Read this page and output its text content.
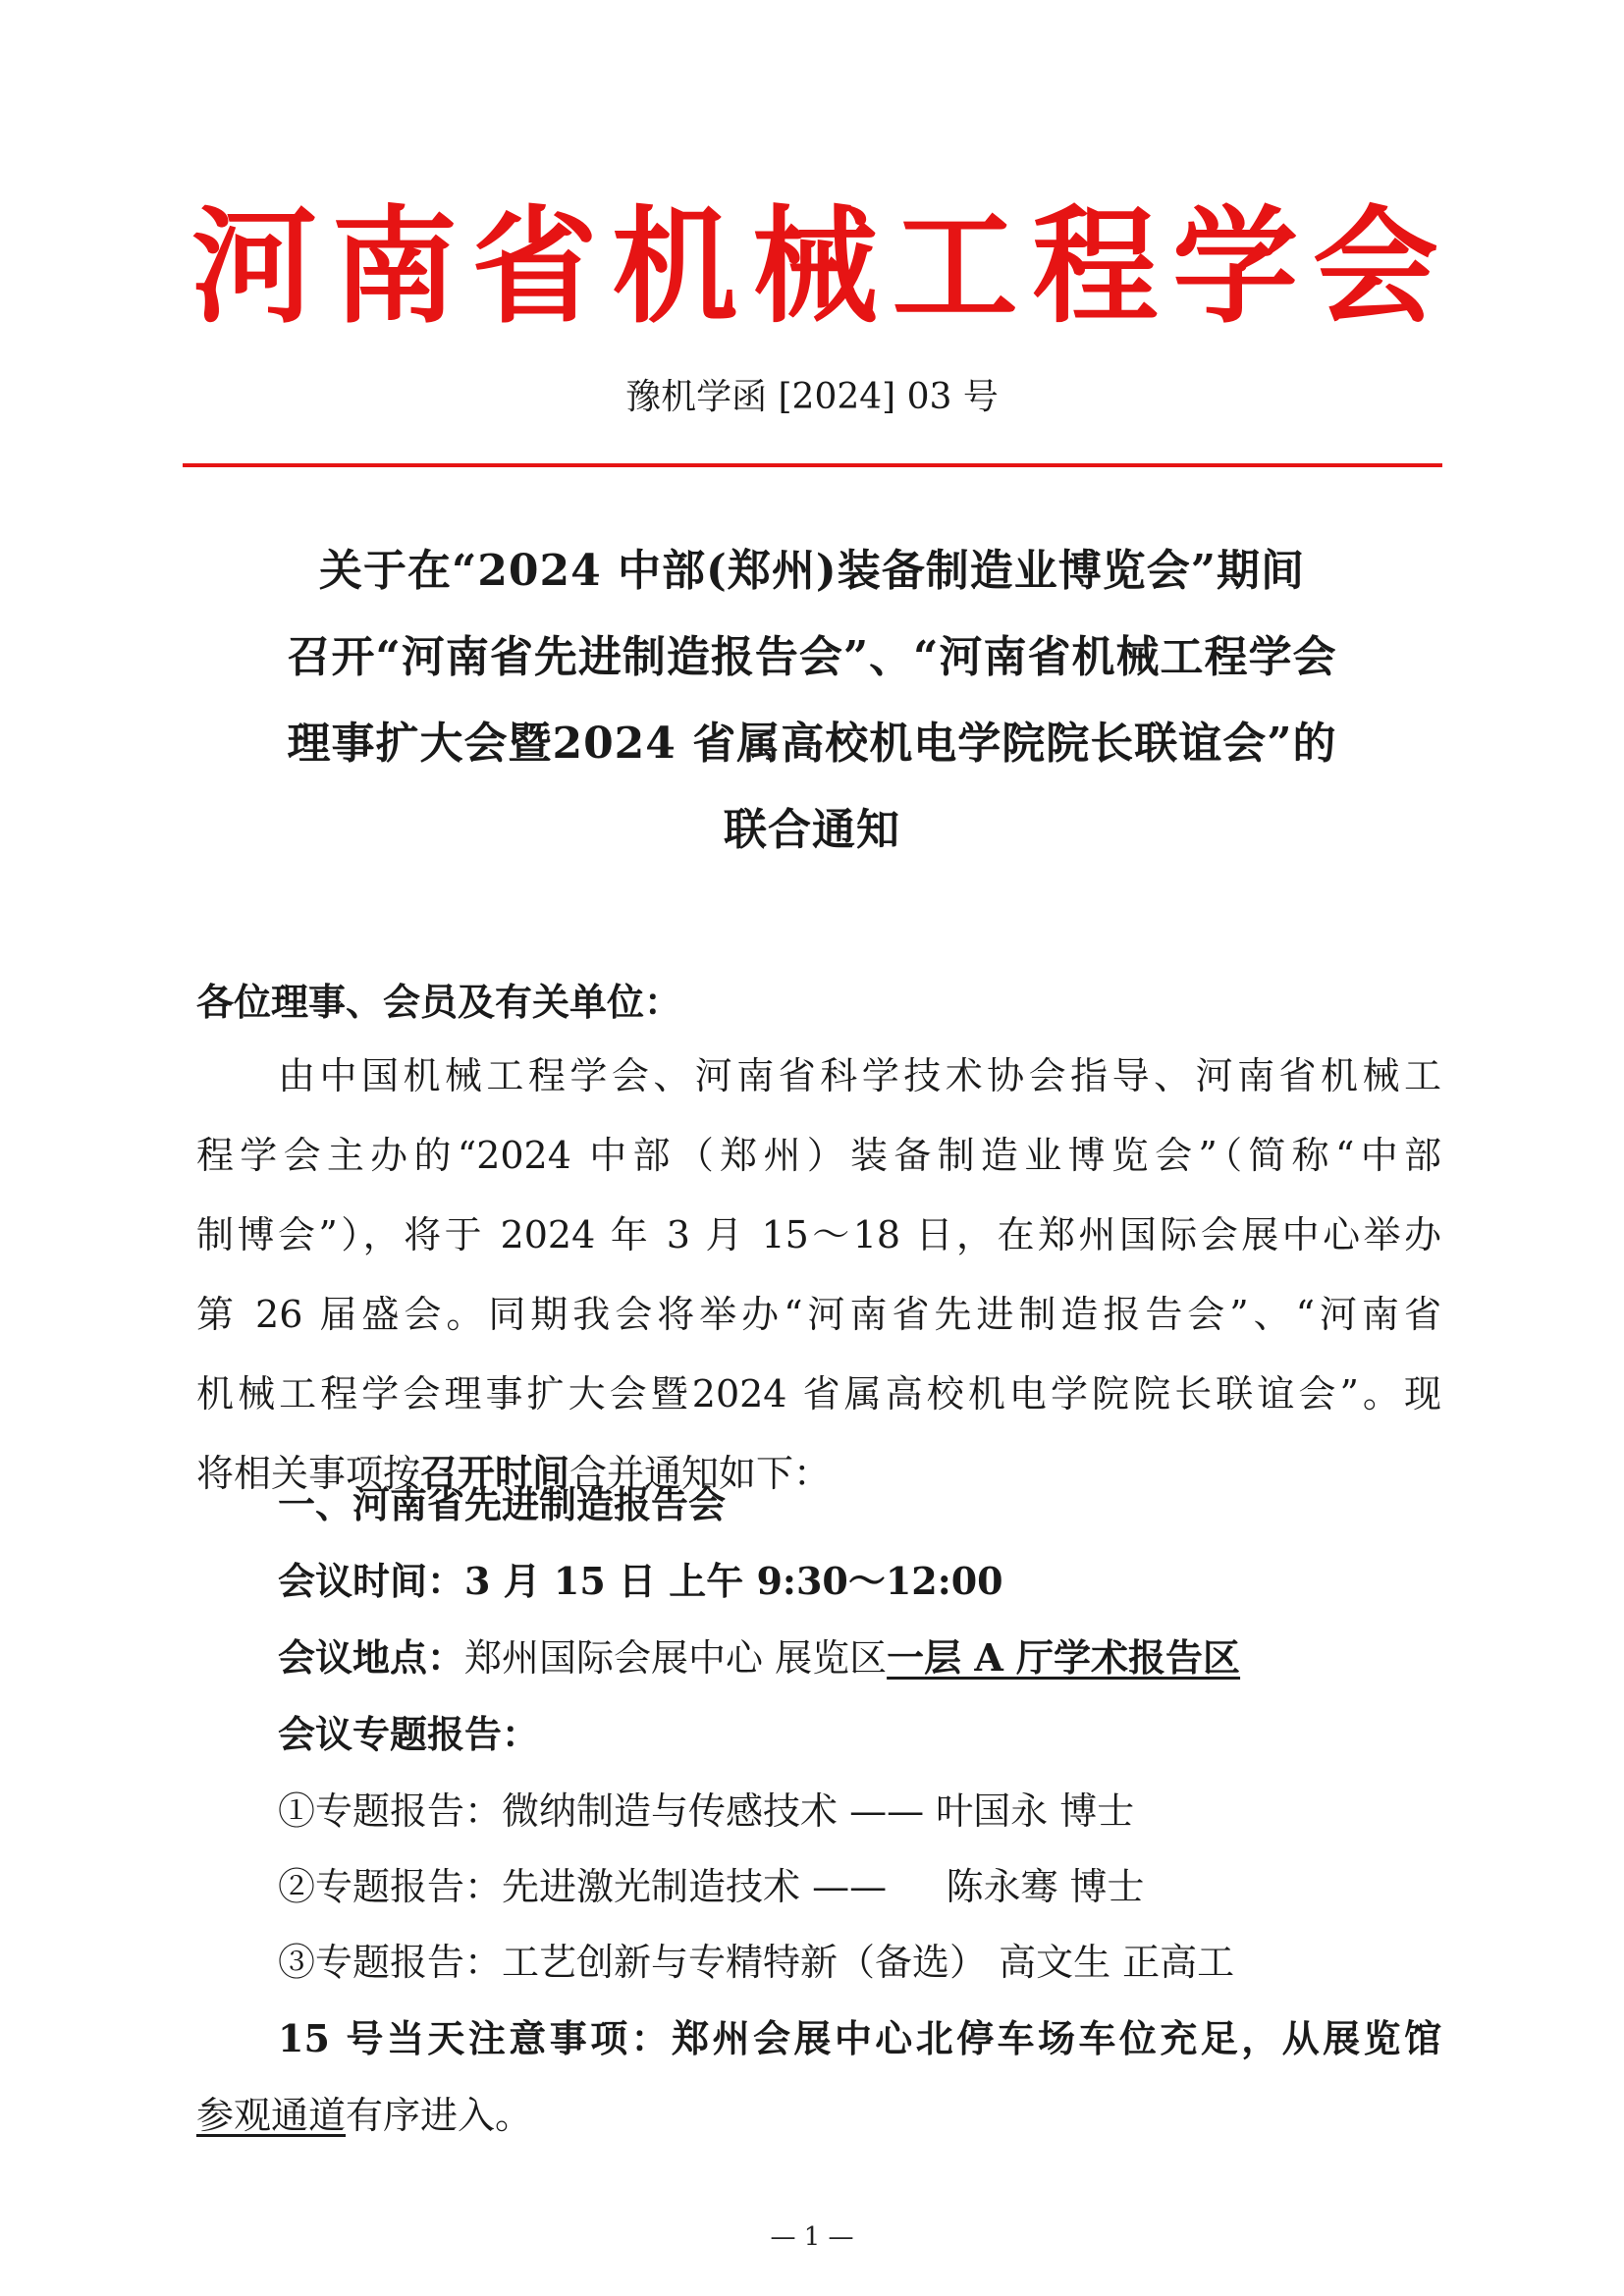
河 南 省 机 械 工 程 学 会
豫机学函 [2024] 03 号
关于在“2024 中部(郑州)装备制造业博览会”期间
召开“河南省先进制造报告会”、“河南省机械工程学会
理事扩大会暨2024 省属高校机电学院院长联谊会”的
联合通知
各位理事、会员及有关单位：
由中国机械工程学会、河南省科学技术协会指导、河南省机械工
程学会主办的“2024 中部（郑州）装备制造业博览会”（简称“中部
制博会”），将于 2024 年 3 月 15～18 日，在郑州国际会展中心举办
第 26 届盛会。同期我会将举办“河南省先进制造报告会”、“河南省
机械工程学会理事扩大会暨2024 省属高校机电学院院长联谊会”。现
将相关事项按召开时间合并通知如下：
一、河南省先进制造报告会
会议时间：3 月 15 日 上午 9:30～12:00
会议地点：郑州国际会展中心 展览区一层 A 厅学术报告区
会议专题报告：
①专题报告：微纳制造与传感技术 —— 叶国永 博士
②专题报告：先进激光制造技术 ——     陈永骞 博士
③专题报告：工艺创新与专精特新（备选） 高文生 正高工
15 号当天注意事项：郑州会展中心北停车场车位充足，从展览馆
参观通道有序进入。
— 1 —
